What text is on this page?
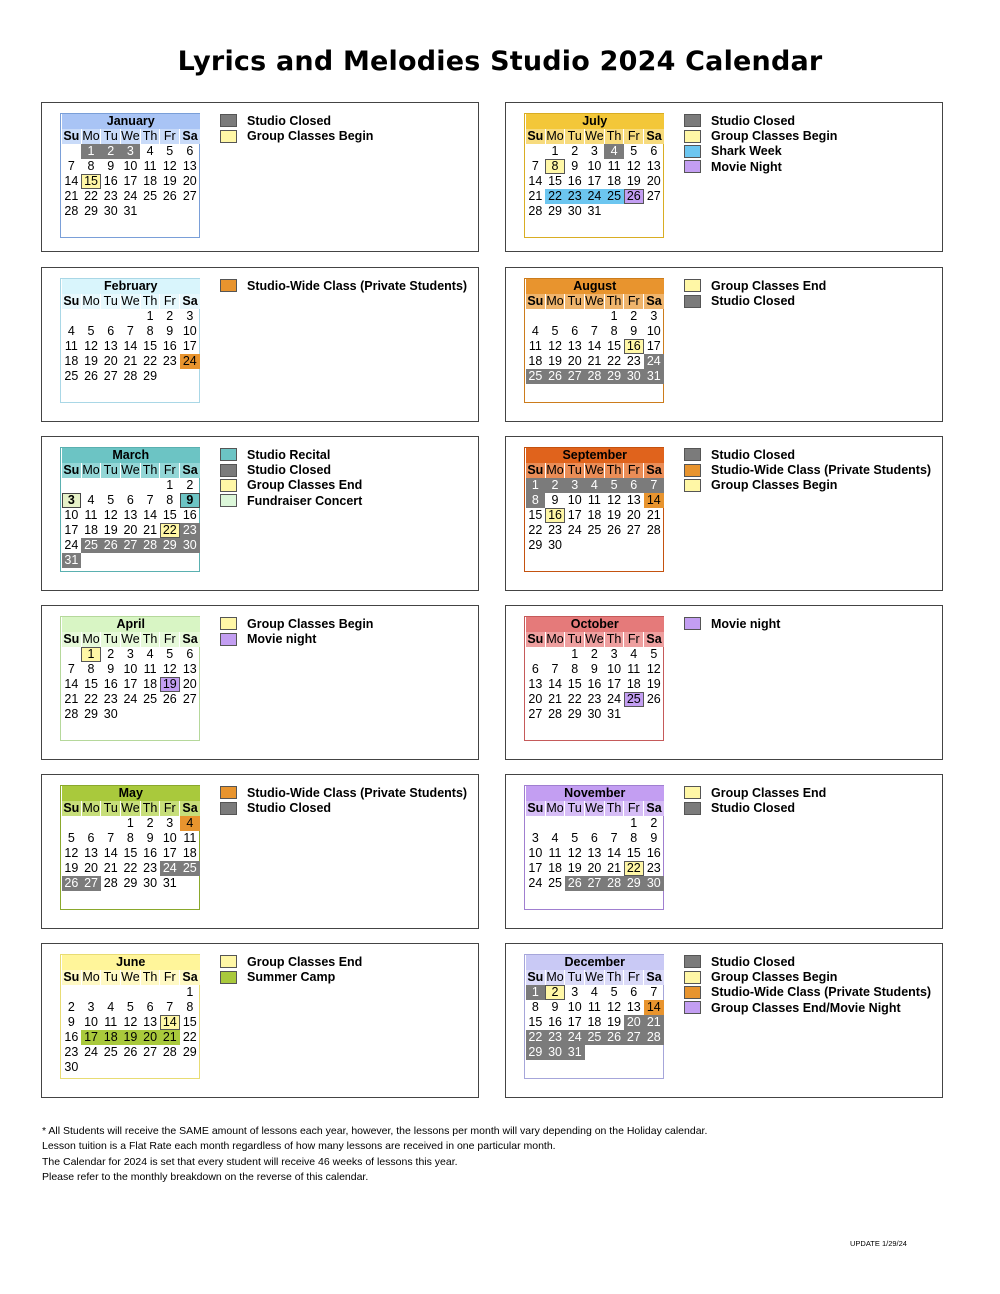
Lyrics and Melodies Studio 2024 Calendar
January						
Su	Mo	Tu	We	Th	Fr	Sa
	1	2	3	4	5	6
7	8	9	10	11	12	13
14	15	16	17	18	19	20
21	22	23	24	25	26	27
28	29	30	31			
Studio Closed
Group Classes Begin
February						
Su	Mo	Tu	We	Th	Fr	Sa
				1	2	3
4	5	6	7	8	9	10
11	12	13	14	15	16	17
18	19	20	21	22	23	24
25	26	27	28	29		
Studio-Wide Class (Private Students)
March						
Su	Mo	Tu	We	Th	Fr	Sa
					1	2
3	4	5	6	7	8	9
10	11	12	13	14	15	16
17	18	19	20	21	22	23
24	25	26	27	28	29	30
31						
Studio Recital
Studio Closed
Group Classes End
Fundraiser Concert
April						
Su	Mo	Tu	We	Th	Fr	Sa
	1	2	3	4	5	6
7	8	9	10	11	12	13
14	15	16	17	18	19	20
21	22	23	24	25	26	27
28	29	30				
Group Classes Begin
Movie night
May						
Su	Mo	Tu	We	Th	Fr	Sa
			1	2	3	4
5	6	7	8	9	10	11
12	13	14	15	16	17	18
19	20	21	22	23	24	25
26	27	28	29	30	31	
Studio-Wide Class (Private Students)
Studio Closed
June						
Su	Mo	Tu	We	Th	Fr	Sa
						1
2	3	4	5	6	7	8
9	10	11	12	13	14	15
16	17	18	19	20	21	22
23	24	25	26	27	28	29
30						
Group Classes End
Summer Camp
July						
Su	Mo	Tu	We	Th	Fr	Sa
	1	2	3	4	5	6
7	8	9	10	11	12	13
14	15	16	17	18	19	20
21	22	23	24	25	26	27
28	29	30	31			
Studio Closed
Group Classes Begin
Shark Week
Movie Night
August						
Su	Mo	Tu	We	Th	Fr	Sa
				1	2	3
4	5	6	7	8	9	10
11	12	13	14	15	16	17
18	19	20	21	22	23	24
25	26	27	28	29	30	31
Group Classes End
Studio Closed
September						
Su	Mo	Tu	We	Th	Fr	Sa
1	2	3	4	5	6	7
8	9	10	11	12	13	14
15	16	17	18	19	20	21
22	23	24	25	26	27	28
29	30					
Studio Closed
Studio-Wide Class (Private Students)
Group Classes Begin
October						
Su	Mo	Tu	We	Th	Fr	Sa
		1	2	3	4	5
6	7	8	9	10	11	12
13	14	15	16	17	18	19
20	21	22	23	24	25	26
27	28	29	30	31		
Movie night
November						
Su	Mo	Tu	We	Th	Fr	Sa
					1	2
3	4	5	6	7	8	9
10	11	12	13	14	15	16
17	18	19	20	21	22	23
24	25	26	27	28	29	30
Group Classes End
Studio Closed
December						
Su	Mo	Tu	We	Th	Fr	Sa
1	2	3	4	5	6	7
8	9	10	11	12	13	14
15	16	17	18	19	20	21
22	23	24	25	26	27	28
29	30	31				
Studio Closed
Group Classes Begin
Studio-Wide Class (Private Students)
Group Classes End/Movie Night
* All Students will receive the SAME amount of lessons each year, however, the lessons per month will vary depending on the Holiday calendar.
Lesson tuition is a Flat Rate each month regardless of how many lessons are received in one particular month.
The Calendar for 2024 is set that every student will receive 46 weeks of lessons this year.
Please refer to the monthly breakdown on the reverse of this calendar.
UPDATE 1/29/24
